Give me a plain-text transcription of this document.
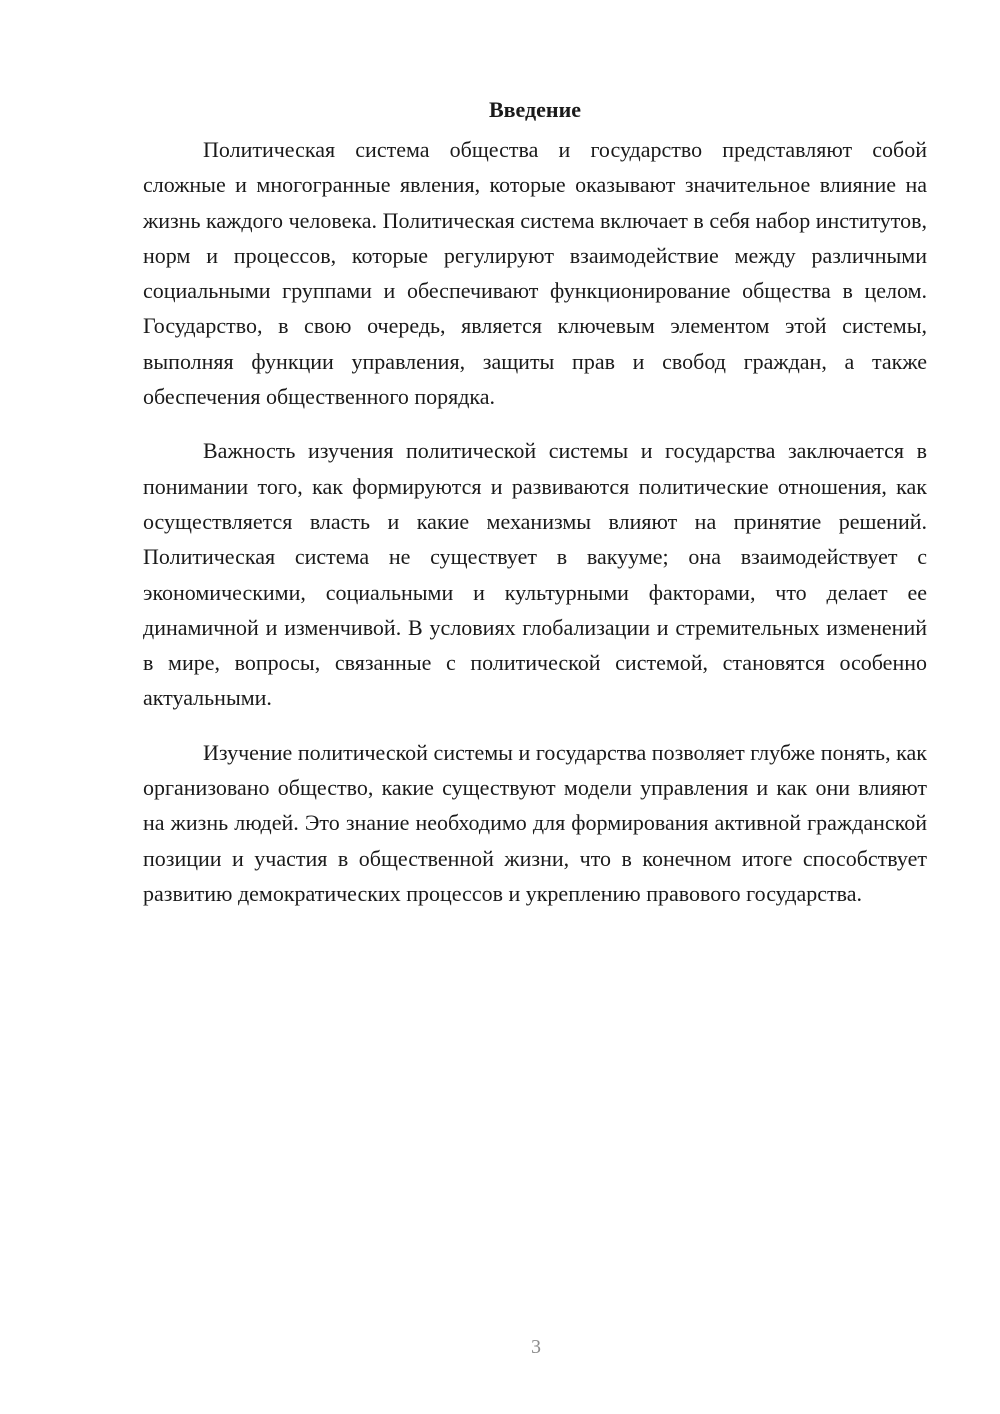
Введение

Политическая система общества и государство представляют собой сложные и многогранные явления, которые оказывают значительное влияние на жизнь каждого человека. Политическая система включает в себя набор институтов, норм и процессов, которые регулируют взаимодействие между различными социальными группами и обеспечивают функционирование общества в целом. Государство, в свою очередь, является ключевым элементом этой системы, выполняя функции управления, защиты прав и свобод граждан, а также обеспечения общественного порядка.

Важность изучения политической системы и государства заключается в понимании того, как формируются и развиваются политические отношения, как осуществляется власть и какие механизмы влияют на принятие решений. Политическая система не существует в вакууме; она взаимодействует с экономическими, социальными и культурными факторами, что делает ее динамичной и изменчивой. В условиях глобализации и стремительных изменений в мире, вопросы, связанные с политической системой, становятся особенно актуальными.

Изучение политической системы и государства позволяет глубже понять, как организовано общество, какие существуют модели управления и как они влияют на жизнь людей. Это знание необходимо для формирования активной гражданской позиции и участия в общественной жизни, что в конечном итоге способствует развитию демократических процессов и укреплению правового государства.

3
